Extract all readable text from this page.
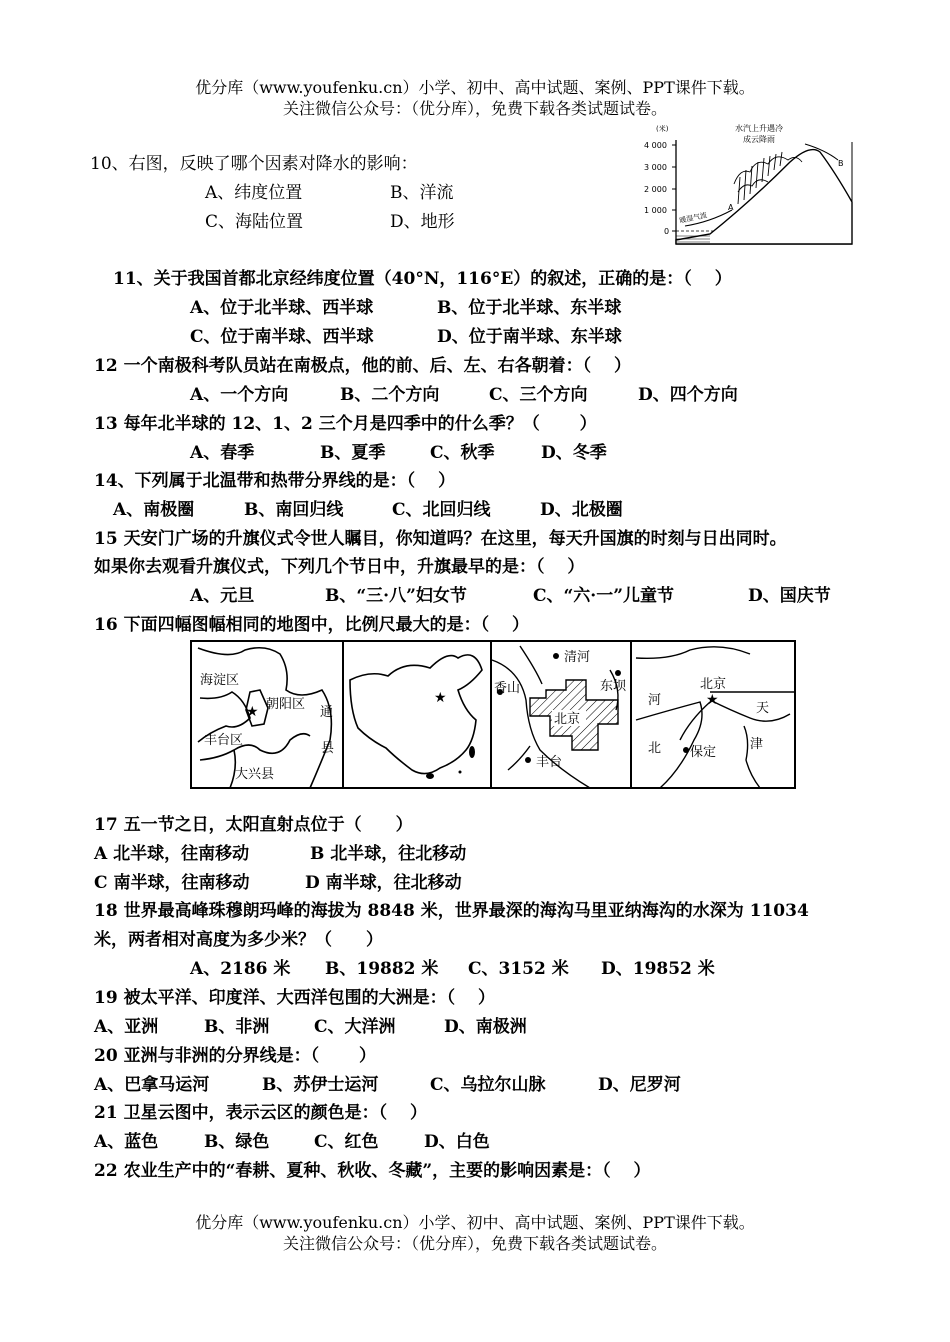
优分库（www.youfenku.cn）小学、初中、高中试题、案例、PPT课件下载。
关注微信公众号：（优分库），免费下载各类试题试卷。
10、右图，反映了哪个因素对降水的影响：
A、纬度位置	B、洋流
C、海陆位置	D、地形
(米)	水汽上升遇冷
成云降雨
4 000
3 000
2 000
1 000
0
暖湿气流
A
B
11、关于我国首都北京经纬度位置（40°N，116°E）的叙述，正确的是：（　 ）
A、位于北半球、西半球	B、位于北半球、东半球
C、位于南半球、西半球	D、位于南半球、东半球
12 一个南极科考队员站在南极点，他的前、后、左、右各朝着：（　 ）
A、一个方向	B、二个方向	C、三个方向	D、四个方向
13 每年北半球的 12、1、2 三个月是四季中的什么季？（　　 ）
A、春季	B、夏季	C、秋季	D、冬季
14、下列属于北温带和热带分界线的是：（　 ）
A、南极圈	B、南回归线	C、北回归线	D、北极圈
15 天安门广场的升旗仪式令世人瞩目，你知道吗？在这里，每天升国旗的时刻与日出同时。
如果你去观看升旗仪式，下列几个节日中，升旗最早的是：（　 ）
A、元旦	B、“三·八”妇女节	C、“六·一”儿童节	D、国庆节
16 下面四幅图幅相同的地图中，比例尺最大的是：（　 ）
海淀区
朝阳区
通
县
丰台区
大兴县
★
★
清河
香山	东坝
北京
丰台
北京
★
河
北 保定
天
津
17 五一节之日，太阳直射点位于（　　）
A 北半球，往南移动	B 北半球，往北移动
C 南半球，往南移动	D 南半球，往北移动
18 世界最高峰珠穆朗玛峰的海拔为 8848 米，世界最深的海沟马里亚纳海沟的水深为 11034
米，两者相对高度为多少米？（　　）
A、2186 米 B、19882 米 C、3152 米 D、19852 米
19 被太平洋、印度洋、大西洋包围的大洲是：（　 ）
A、亚洲	B、非洲	C、大洋洲	D、南极洲
20 亚洲与非洲的分界线是：（　　 ）
A、巴拿马运河	B、苏伊士运河	C、乌拉尔山脉	D、尼罗河
21 卫星云图中，表示云区的颜色是：（　 ）
A、蓝色	B、绿色	C、红色	D、白色
22 农业生产中的“春耕、夏种、秋收、冬藏”，主要的影响因素是：（　 ）
优分库（www.youfenku.cn）小学、初中、高中试题、案例、PPT课件下载。
关注微信公众号：（优分库），免费下载各类试题试卷。
